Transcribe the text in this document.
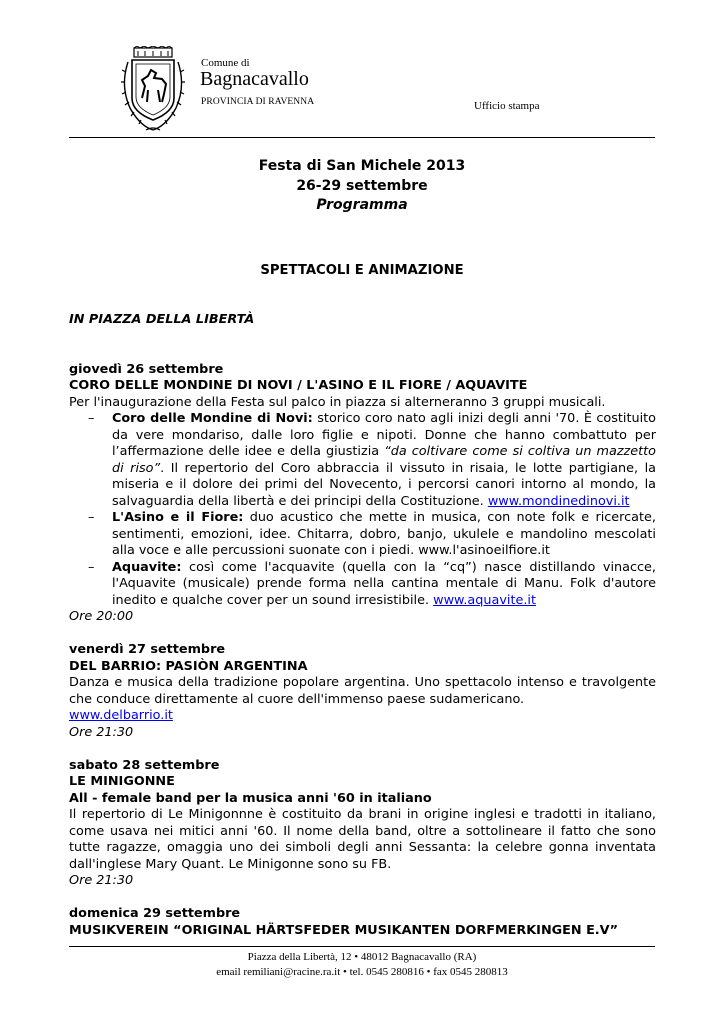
Comune di
Bagnacavallo
PROVINCIA DI RAVENNA	Ufficio stampa
Festa di San Michele 2013
26-29 settembre
Programma
SPETTACOLI E ANIMAZIONE

IN PIAZZA DELLA LIBERTÀ

giovedì 26 settembre

CORO DELLE MONDINE DI NOVI / L'ASINO E IL FIORE / AQUAVITE

Per l'inaugurazione della Festa sul palco in piazza si alterneranno 3 gruppi musicali.

– Coro delle Mondine di Novi: storico coro nato agli inizi degli anni '70. È costituito da vere mondariso, dalle loro figlie e nipoti. Donne che hanno combattuto per l’affermazione delle idee e della giustizia “da coltivare come si coltiva un mazzetto di riso”. Il repertorio del Coro abbraccia il vissuto in risaia, le lotte partigiane, la miseria e il dolore dei primi del Novecento, i percorsi canori intorno al mondo, la salvaguardia della libertà e dei principi della Costituzione. www.mondinedinovi.it
– L'Asino e il Fiore: duo acustico che mette in musica, con note folk e ricercate, sentimenti, emozioni, idee. Chitarra, dobro, banjo, ukulele e mandolino mescolati alla voce e alle percussioni suonate con i piedi. www.l'asinoeilfiore.it
– Aquavite: così come l'acquavite (quella con la “cq”) nasce distillando vinacce, l'Aquavite (musicale) prende forma nella cantina mentale di Manu. Folk d'autore inedito e qualche cover per un sound irresistibile. www.aquavite.it

Ore 20:00

venerdì 27 settembre

DEL BARRIO: PASIÒN ARGENTINA

Danza e musica della tradizione popolare argentina. Uno spettacolo intenso e travolgente che conduce direttamente al cuore dell'immenso paese sudamericano.

www.delbarrio.it

Ore 21:30

sabato 28 settembre

LE MINIGONNE

All - female band per la musica anni '60 in italiano

Il repertorio di Le Minigonnne è costituito da brani in origine inglesi e tradotti in italiano, come usava nei mitici anni '60. Il nome della band, oltre a sottolineare il fatto che sono tutte ragazze, omaggia uno dei simboli degli anni Sessanta: la celebre gonna inventata dall'inglese Mary Quant. Le Minigonne sono su FB.

Ore 21:30

domenica 29 settembre

MUSIKVEREIN “ORIGINAL HÄRTSFEDER MUSIKANTEN DORFMERKINGEN E.V”

Piazza della Libertà, 12 • 48012 Bagnacavallo (RA)
email remiliani@racine.ra.it • tel. 0545 280816 • fax 0545 280813
